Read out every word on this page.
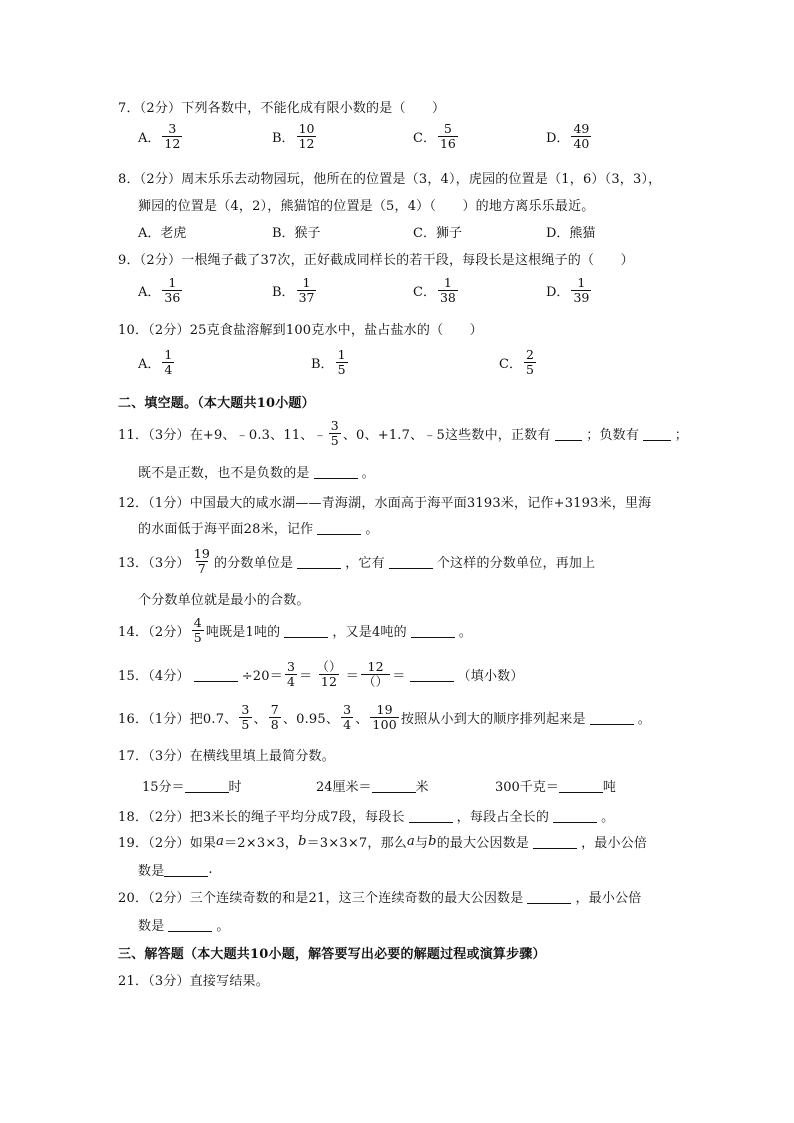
7．（2分）下列各数中，不能化成有限小数的是（　　）
A． $\frac{3}{12}$	B． $\frac{10}{12}$	C． $\frac{5}{16}$	D． $\frac{49}{40}$
8．（2分）周末乐乐去动物园玩，他所在的位置是（3，4），虎园的位置是（1，6）（3，3），
狮园的位置是（4，2），熊猫馆的位置是（5，4）（　　）的地方离乐乐最近。
A．老虎	B．猴子	C．狮子	D．熊猫
9．（2分）一根绳子截了37次，正好截成同样长的若干段，每段长是这根绳子的（　　）
A． $\frac{1}{36}$	B． $\frac{1}{37}$	C． $\frac{1}{38}$	D． $\frac{1}{39}$
10．（2分）25克食盐溶解到100克水中，盐占盐水的（　　）
A． $\frac{1}{4}$	B． $\frac{1}{5}$	C． $\frac{2}{5}$
二、填空题。（本大题共10小题）
11．（3分）在+9、﹣0.3、11、﹣ $\frac{3}{5}$ 、0、+1.7、﹣5这些数中，正数有	；负数有	；
既不是正数，也不是负数的是	。
12．（1分）中国最大的咸水湖——青海湖，水面高于海平面3193米，记作+3193米，里海
的水面低于海平面28米，记作	。
13．（3分） $\frac{19}{7}$ 的分数单位是	，它有	个这样的分数单位，再加上
个分数单位就是最小的合数。
14．（2分） $\frac{4}{5}$ 吨既是1吨的	，又是4吨的	。
15．（4分）	$\div 20= \frac{3}{4} = \frac{()}{12} = \frac{12}{()}$ ＝	（填小数）
16．（1分）把0.7、 $\frac{3}{5}$ 、 $\frac{7}{8}$ 、0.95、 $\frac{3}{4}$ 、 $\frac{19}{100}$ 按照从小到大的顺序排列起来是	。
17．（3分）在横线里填上最简分数。
15分＝	时	24厘米＝	米	300千克＝	吨
18．（2分）把3米长的绳子平均分成7段，每段长	，每段占全长的	。
19．（2分）如果 a ＝2×3×3， b ＝3×3×7，那么 a 与 b 的最大公因数是	，最小公倍
数是	.
20．（2分）三个连续奇数的和是21，这三个连续奇数的最大公因数是	，最小公倍
数是	。
三、解答题（本大题共10小题，解答要写出必要的解题过程或演算步骤）
21．（3分）直接写结果。
